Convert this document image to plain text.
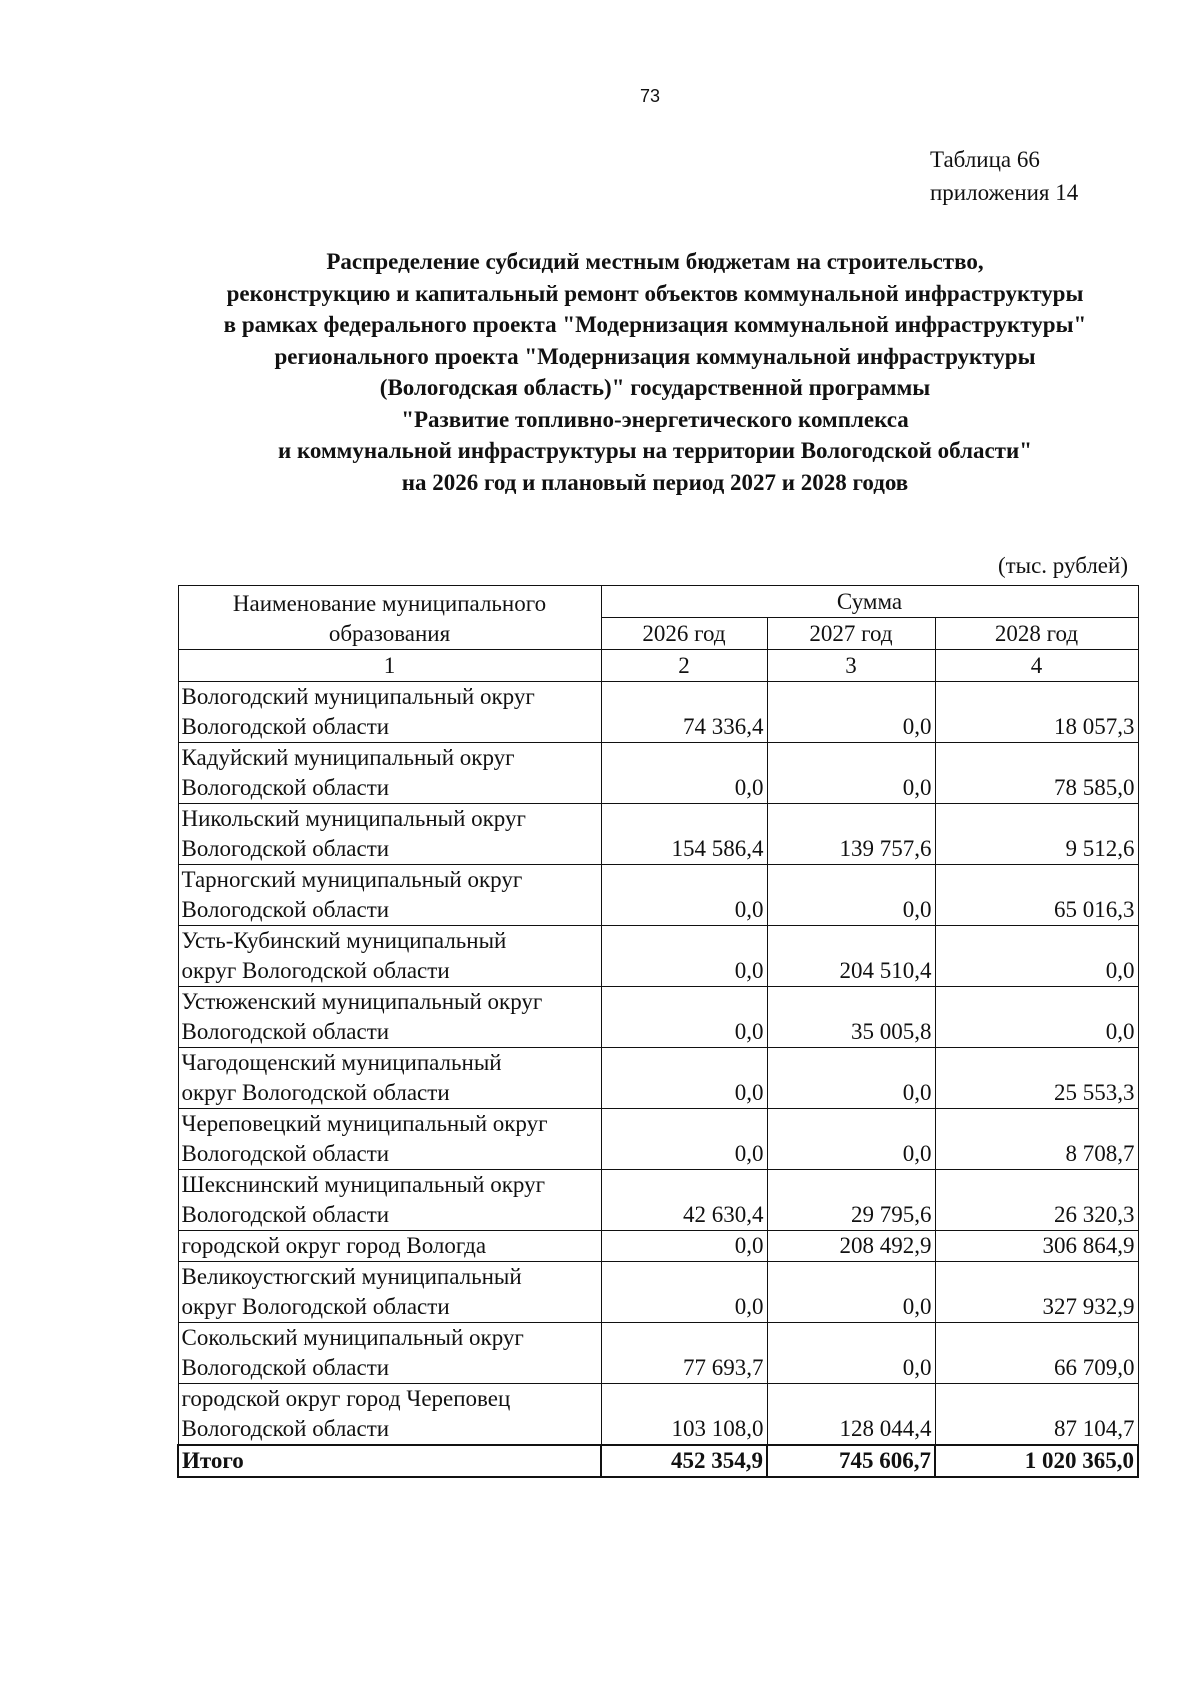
73
Таблица 66
приложения 14
Распределение субсидий местным бюджетам на строительство,
реконструкцию и капитальный ремонт объектов коммунальной инфраструктуры
в рамках федерального проекта "Модернизация коммунальной инфраструктуры"
регионального проекта "Модернизация коммунальной инфраструктуры
(Вологодская область)" государственной программы
"Развитие топливно-энергетического комплекса
и коммунальной инфраструктуры на территории Вологодской области"
на 2026 год и плановый период 2027 и 2028 годов
(тыс. рублей)
Наименование муниципального
образования	Сумма		
	2026 год	2027 год	2028 год
1	2	3	4

Вологодский муниципальный округ
Вологодской области	74 336,4	0,0	18 057,3

Кадуйский муниципальный округ
Вологодской области	0,0	0,0	78 585,0

Никольский муниципальный округ
Вологодской области	154 586,4	139 757,6	9 512,6

Тарногский муниципальный округ
Вологодской области	0,0	0,0	65 016,3

Усть-Кубинский муниципальный
округ Вологодской области	0,0	204 510,4	0,0

Устюженский муниципальный округ
Вологодской области	0,0	35 005,8	0,0

Чагодощенский муниципальный
округ Вологодской области	0,0	0,0	25 553,3

Череповецкий муниципальный округ
Вологодской области	0,0	0,0	8 708,7

Шекснинский муниципальный округ
Вологодской области	42 630,4	29 795,6	26 320,3

городской округ город Вологда	0,0	208 492,9	306 864,9

Великоустюгский муниципальный
округ Вологодской области	0,0	0,0	327 932,9

Сокольский муниципальный округ
Вологодской области	77 693,7	0,0	66 709,0

городской округ город Череповец
Вологодской области	103 108,0	128 044,4	87 104,7
Итого	452 354,9	745 606,7	1 020 365,0
